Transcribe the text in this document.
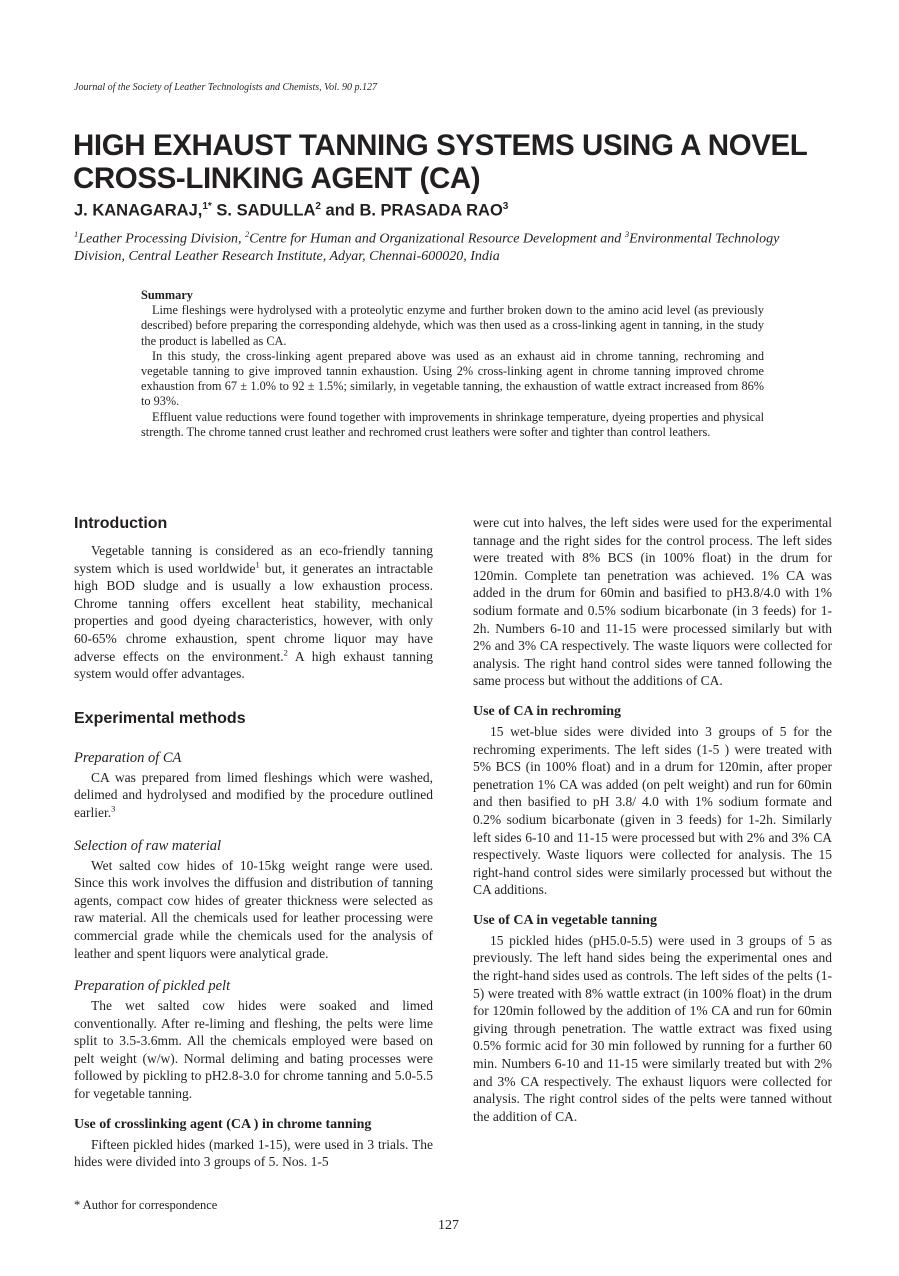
Journal of the Society of Leather Technologists and Chemists, Vol. 90 p.127
HIGH EXHAUST TANNING SYSTEMS USING A NOVEL
CROSS-LINKING AGENT (CA)
J. KANAGARAJ,$^{1*}$ S. SADULLA$^2$ and B. PRASADA RAO$^3$
$^1$Leather Processing Division, $^2$Centre for Human and Organizational Resource Development and $^3$Environmental Technology Division, Central Leather Research Institute, Adyar, Chennai-600020, India
Summary

Lime fleshings were hydrolysed with a proteolytic enzyme and further broken down to the amino acid level (as previously described) before preparing the corresponding aldehyde, which was then used as a cross-linking agent in tanning, in the study the product is labelled as CA.

In this study, the cross-linking agent prepared above was used as an exhaust aid in chrome tanning, rechroming and vegetable tanning to give improved tannin exhaustion. Using 2% cross-linking agent in chrome tanning improved chrome exhaustion from 67 ± 1.0% to 92 ± 1.5%; similarly, in vegetable tanning, the exhaustion of wattle extract increased from 86% to 93%.

Effluent value reductions were found together with improvements in shrinkage temperature, dyeing properties and physical strength. The chrome tanned crust leather and rechromed crust leathers were softer and tighter than control leathers.

Introduction

Vegetable tanning is considered as an eco-friendly tanning system which is used worldwide$^1$ but, it generates an intractable high BOD sludge and is usually a low exhaustion process. Chrome tanning offers excellent heat stability, mechanical properties and good dyeing characteristics, however, with only 60-65% chrome exhaustion, spent chrome liquor may have adverse effects on the environment.$^2$ A high exhaust tanning system would offer advantages.

Experimental methods
Preparation of CA

CA was prepared from limed fleshings which were washed, delimed and hydrolysed and modified by the procedure outlined earlier.$^3$

Selection of raw material

Wet salted cow hides of 10-15kg weight range were used. Since this work involves the diffusion and distribution of tanning agents, compact cow hides of greater thickness were selected as raw material. All the chemicals used for leather processing were commercial grade while the chemicals used for the analysis of leather and spent liquors were analytical grade.

Preparation of pickled pelt

The wet salted cow hides were soaked and limed conventionally. After re-liming and fleshing, the pelts were lime split to 3.5-3.6mm. All the chemicals employed were based on pelt weight (w/w). Normal deliming and bating processes were followed by pickling to pH2.8-3.0 for chrome tanning and 5.0-5.5 for vegetable tanning.

Use of crosslinking agent (CA ) in chrome tanning

Fifteen pickled hides (marked 1-15), were used in 3 trials. The hides were divided into 3 groups of 5. Nos. 1-5

were cut into halves, the left sides were used for the experimental tannage and the right sides for the control process. The left sides were treated with 8% BCS (in 100% float) in the drum for 120min. Complete tan penetration was achieved. 1% CA was added in the drum for 60min and basified to pH3.8/4.0 with 1% sodium formate and 0.5% sodium bicarbonate (in 3 feeds) for 1-2h. Numbers 6-10 and 11-15 were processed similarly but with 2% and 3% CA respectively. The waste liquors were collected for analysis. The right hand control sides were tanned following the same process but without the additions of CA.

Use of CA in rechroming

15 wet-blue sides were divided into 3 groups of 5 for the rechroming experiments. The left sides (1-5 ) were treated with 5% BCS (in 100% float) and in a drum for 120min, after proper penetration 1% CA was added (on pelt weight) and run for 60min and then basified to pH 3.8/ 4.0 with 1% sodium formate and 0.2% sodium bicarbonate (given in 3 feeds) for 1-2h. Similarly left sides 6-10 and 11-15 were processed but with 2% and 3% CA respectively. Waste liquors were collected for analysis. The 15 right-hand control sides were similarly processed but without the CA additions.

Use of CA in vegetable tanning

15 pickled hides (pH5.0-5.5) were used in 3 groups of 5 as previously. The left hand sides being the experimental ones and the right-hand sides used as controls. The left sides of the pelts (1-5) were treated with 8% wattle extract (in 100% float) in the drum for 120min followed by the addition of 1% CA and run for 60min giving through penetration. The wattle extract was fixed using 0.5% formic acid for 30 min followed by running for a further 60 min. Numbers 6-10 and 11-15 were similarly treated but with 2% and 3% CA respectively. The exhaust liquors were collected for analysis. The right control sides of the pelts were tanned without the addition of CA.

* Author for correspondence
127
